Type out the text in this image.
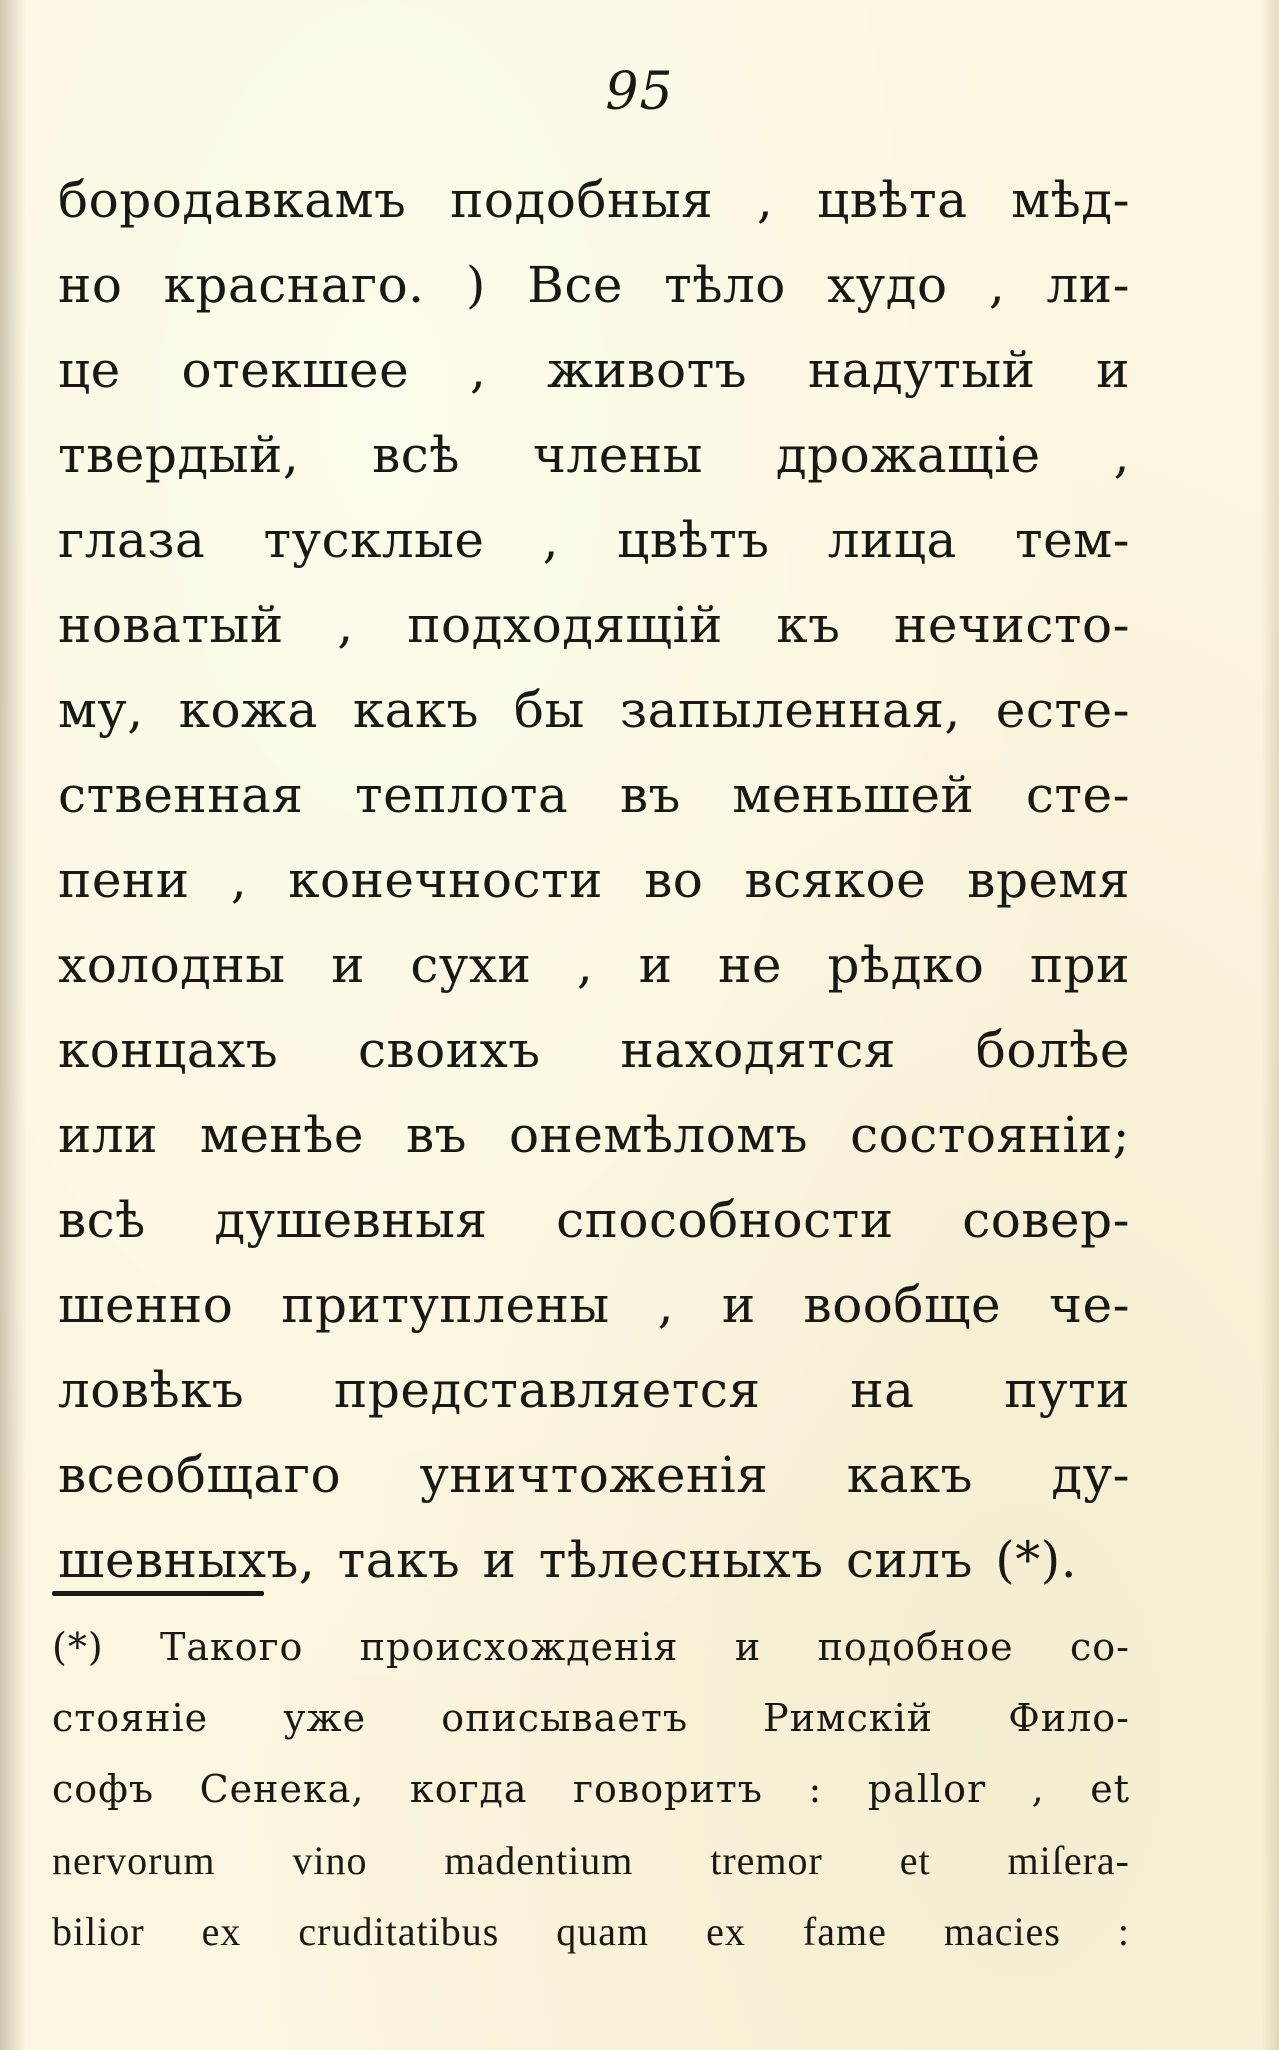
95
бородавкамъ подобныя , цвѣта мѣд-
но краснаго. ) Все тѣло худо , ли-
це отекшее , животъ надутый и
твердый, всѣ члены дрожащіе ,
глаза тусклые , цвѣтъ лица тем-
новатый , подходящій къ нечисто-
му, кожа какъ бы запыленная, есте-
ственная теплота въ меньшей сте-
пени , конечности во всякое время
холодны и сухи , и не рѣдко при
концахъ своихъ находятся болѣе
или менѣе въ онемѣломъ состояніи;
всѣ душевныя способности совер-
шенно притуплены , и вообще че-
ловѣкъ представляется на пути
всеобщаго уничтоженія какъ ду-
шевныхъ, такъ и тѣлесныхъ силъ (*).
(*) Такого происхожденія и подобное со-
стояніе уже описываетъ Римскій Фило-
софъ Сенека, когда говоритъ : pallor , et
nervorum vino madentium tremor et miſera-
bilior ex cruditatibus quam ex fame macies :
